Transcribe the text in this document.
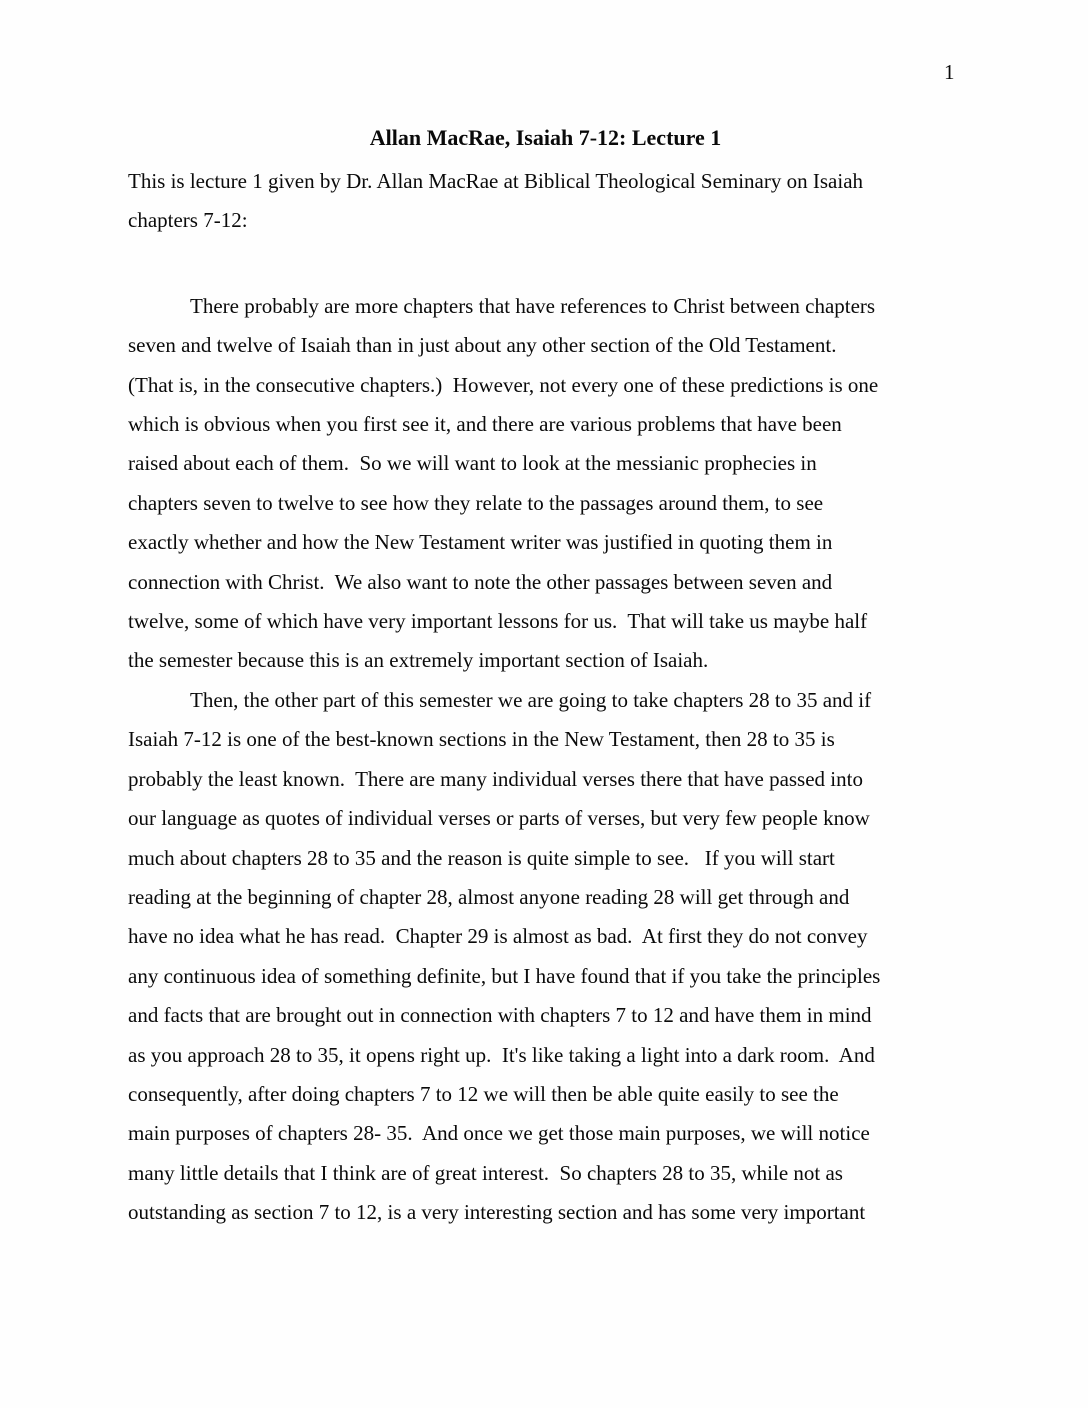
1
Allan MacRae, Isaiah 7-12: Lecture 1
This is lecture 1 given by Dr. Allan MacRae at Biblical Theological Seminary on Isaiah
chapters 7-12:
There probably are more chapters that have references to Christ between chapters
seven and twelve of Isaiah than in just about any other section of the Old Testament.
(That is, in the consecutive chapters.)  However, not every one of these predictions is one
which is obvious when you first see it, and there are various problems that have been
raised about each of them.  So we will want to look at the messianic prophecies in
chapters seven to twelve to see how they relate to the passages around them, to see
exactly whether and how the New Testament writer was justified in quoting them in
connection with Christ.  We also want to note the other passages between seven and
twelve, some of which have very important lessons for us.  That will take us maybe half
the semester because this is an extremely important section of Isaiah.
Then, the other part of this semester we are going to take chapters 28 to 35 and if
Isaiah 7-12 is one of the best-known sections in the New Testament, then 28 to 35 is
probably the least known.  There are many individual verses there that have passed into
our language as quotes of individual verses or parts of verses, but very few people know
much about chapters 28 to 35 and the reason is quite simple to see.   If you will start
reading at the beginning of chapter 28, almost anyone reading 28 will get through and
have no idea what he has read.  Chapter 29 is almost as bad.  At first they do not convey
any continuous idea of something definite, but I have found that if you take the principles
and facts that are brought out in connection with chapters 7 to 12 and have them in mind
as you approach 28 to 35, it opens right up.  It's like taking a light into a dark room.  And
consequently, after doing chapters 7 to 12 we will then be able quite easily to see the
main purposes of chapters 28- 35.  And once we get those main purposes, we will notice
many little details that I think are of great interest.  So chapters 28 to 35, while not as
outstanding as section 7 to 12, is a very interesting section and has some very important
